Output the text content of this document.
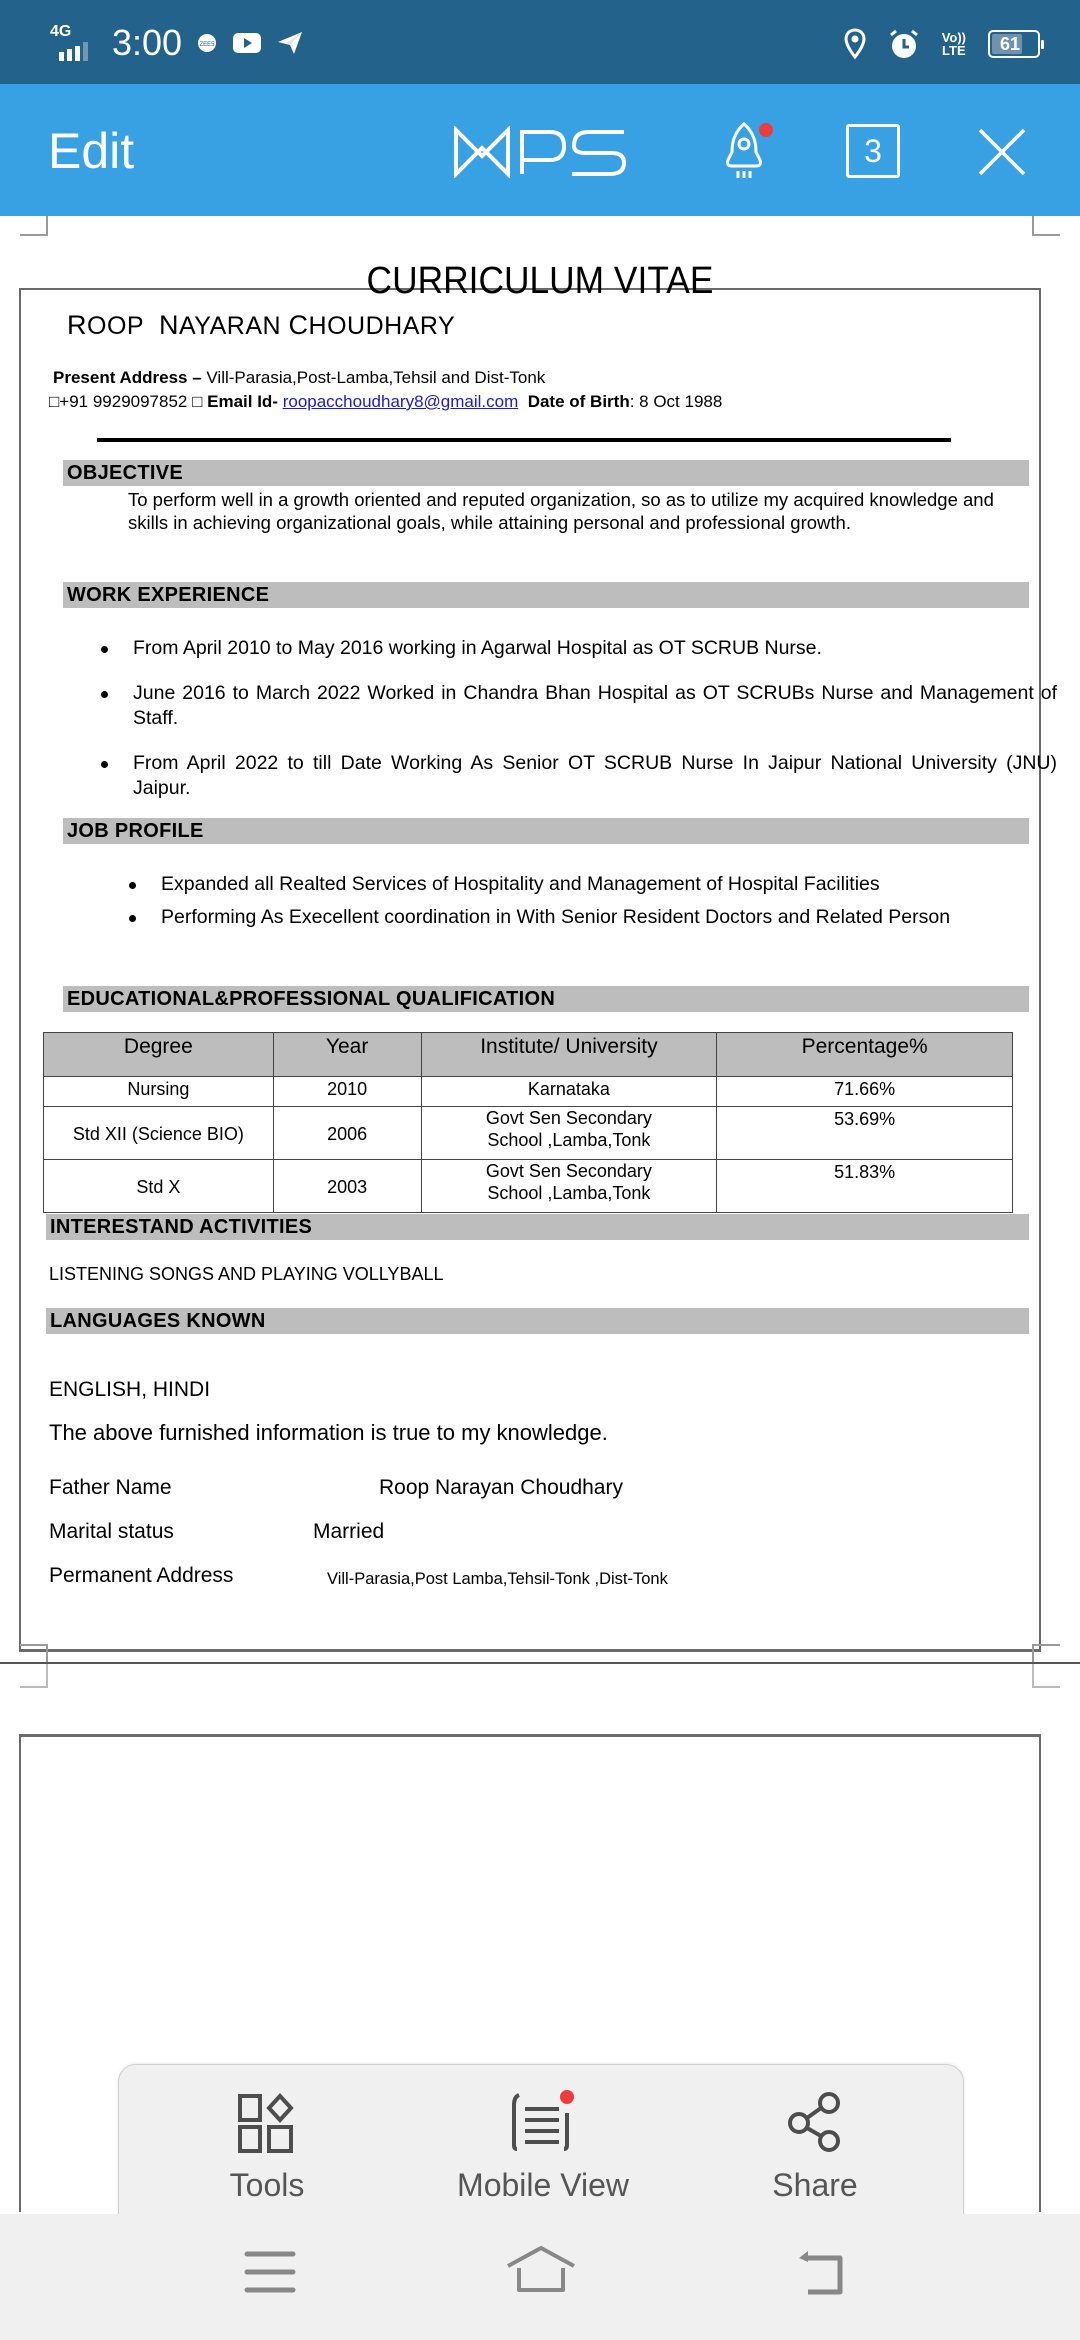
4G 3:00	ZEE5	Vo))
LTE	61
Edit	3
ROOP NAYARAN CHOUDHARY
Present Address – Vill-Parasia,Post-Lamba,Tehsil and Dist-Tonk
□+91 9929097852 □ Email Id- roopacchoudhary8@gmail.com Date of Birth: 8 Oct 1988
OBJECTIVE
To perform well in a growth oriented and reputed organization, so as to utilize my acquired knowledge and skills in achieving organizational goals, while attaining personal and professional growth.
WORK EXPERIENCE
From April 2010 to May 2016 working in Agarwal Hospital as OT SCRUB Nurse.
June 2016 to March 2022 Worked in Chandra Bhan Hospital as OT SCRUBs Nurse and Management of Staff.
From April 2022 to till Date Working As Senior OT SCRUB Nurse In Jaipur National University (JNU) Jaipur.
JOB PROFILE
Expanded all Realted Services of Hospitality and Management of Hospital Facilities
Performing As Execellent coordination in With Senior Resident Doctors and Related Person
EDUCATIONAL&PROFESSIONAL QUALIFICATION
Degree	Year	Institute/ University	Percentage%
Nursing	2010	Karnataka	71.66%
Std XII (Science BIO)	2006	Govt Sen Secondary School ,Lamba,Tonk	53.69%
Std X	2003	Govt Sen Secondary School ,Lamba,Tonk	51.83%
INTERESTAND ACTIVITIES
LISTENING SONGS AND PLAYING VOLLYBALL
LANGUAGES KNOWN
ENGLISH, HINDI
The above furnished information is true to my knowledge.
Father Name	Roop Narayan Choudhary
Marital status	Married
Permanent Address	Vill-Parasia,Post Lamba,Tehsil-Tonk ,Dist-Tonk
CURRICULUM VITAE
Tools	Mobile View	Share
